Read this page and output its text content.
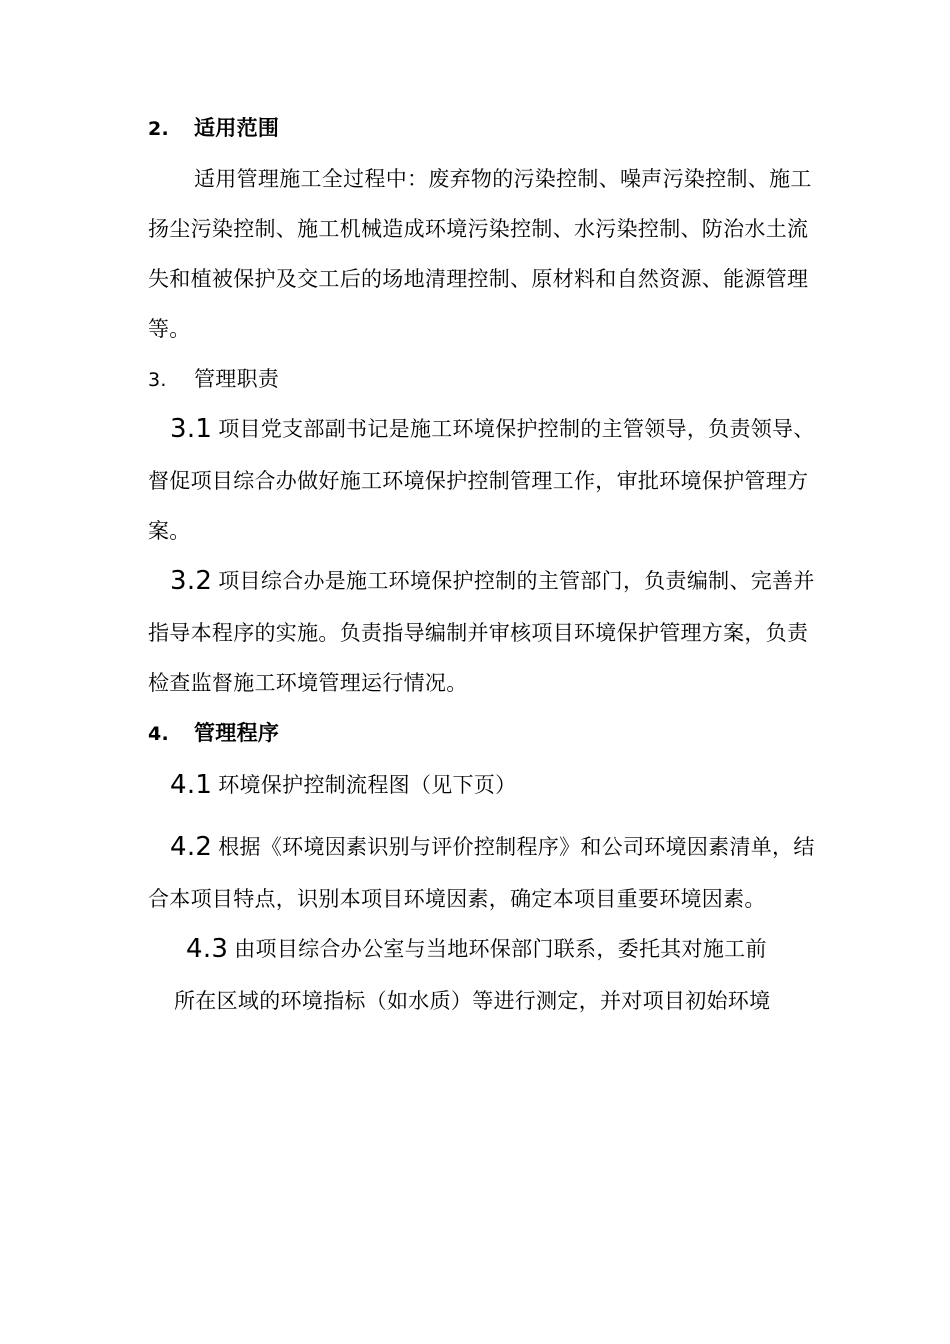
2. 适用范围
适用管理施工全过程中：废弃物的污染控制、噪声污染控制、施工
扬尘污染控制、施工机械造成环境污染控制、水污染控制、防治水土流
失和植被保护及交工后的场地清理控制、原材料和自然资源、能源管理
等。
3. 管理职责
3.1 项目党支部副书记是施工环境保护控制的主管领导，负责领导、
督促项目综合办做好施工环境保护控制管理工作，审批环境保护管理方
案。
3.2 项目综合办是施工环境保护控制的主管部门，负责编制、完善并
指导本程序的实施。负责指导编制并审核项目环境保护管理方案，负责
检查监督施工环境管理运行情况。
4. 管理程序
4.1 环境保护控制流程图（见下页）
4.2 根据《环境因素识别与评价控制程序》和公司环境因素清单，结
合本项目特点，识别本项目环境因素，确定本项目重要环境因素。
4.3 由项目综合办公室与当地环保部门联系，委托其对施工前
所在区域的环境指标（如水质）等进行测定，并对项目初始环境
